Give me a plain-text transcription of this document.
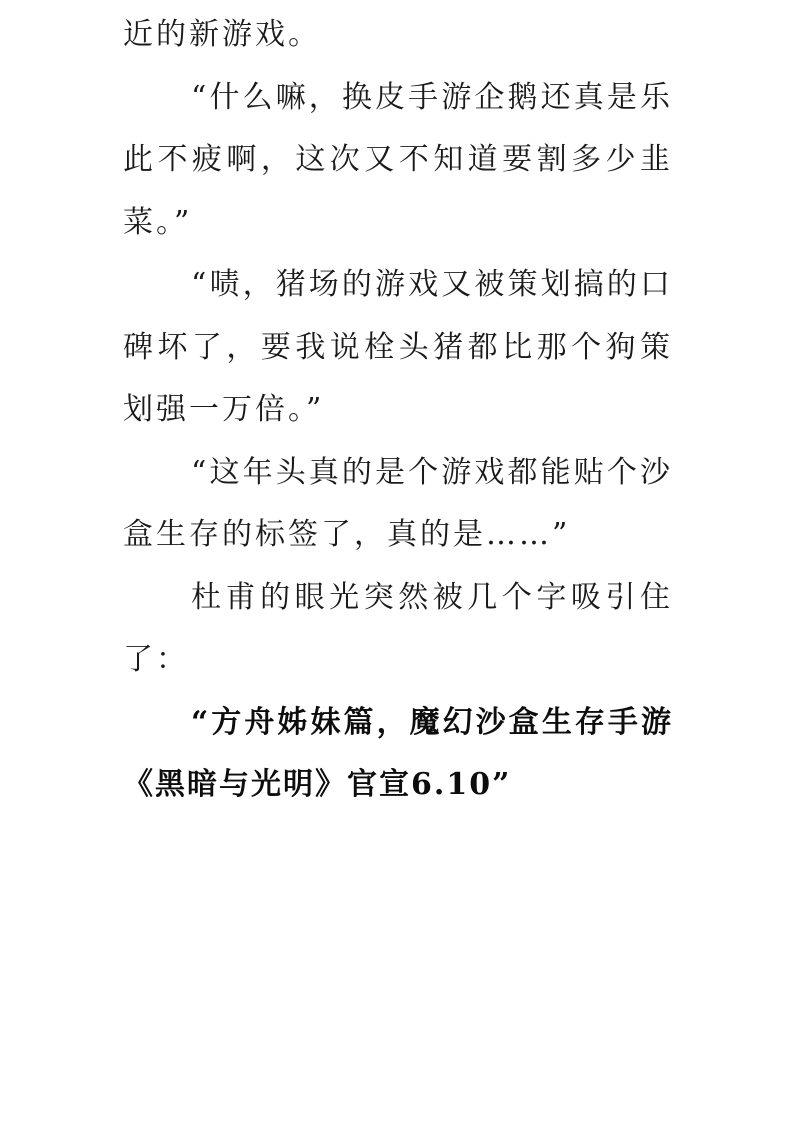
近的新游戏。

“什么嘛，换皮手游企鹅还真是乐此不疲啊，这次又不知道要割多少韭菜。”

“啧，猪场的游戏又被策划搞的口碑坏了，要我说栓头猪都比那个狗策划强一万倍。”

“这年头真的是个游戏都能贴个沙盒生存的标签了，真的是……”

杜甫的眼光突然被几个字吸引住了：

“方舟姊妹篇，魔幻沙盒生存手游《黑暗与光明》官宣6.10”
